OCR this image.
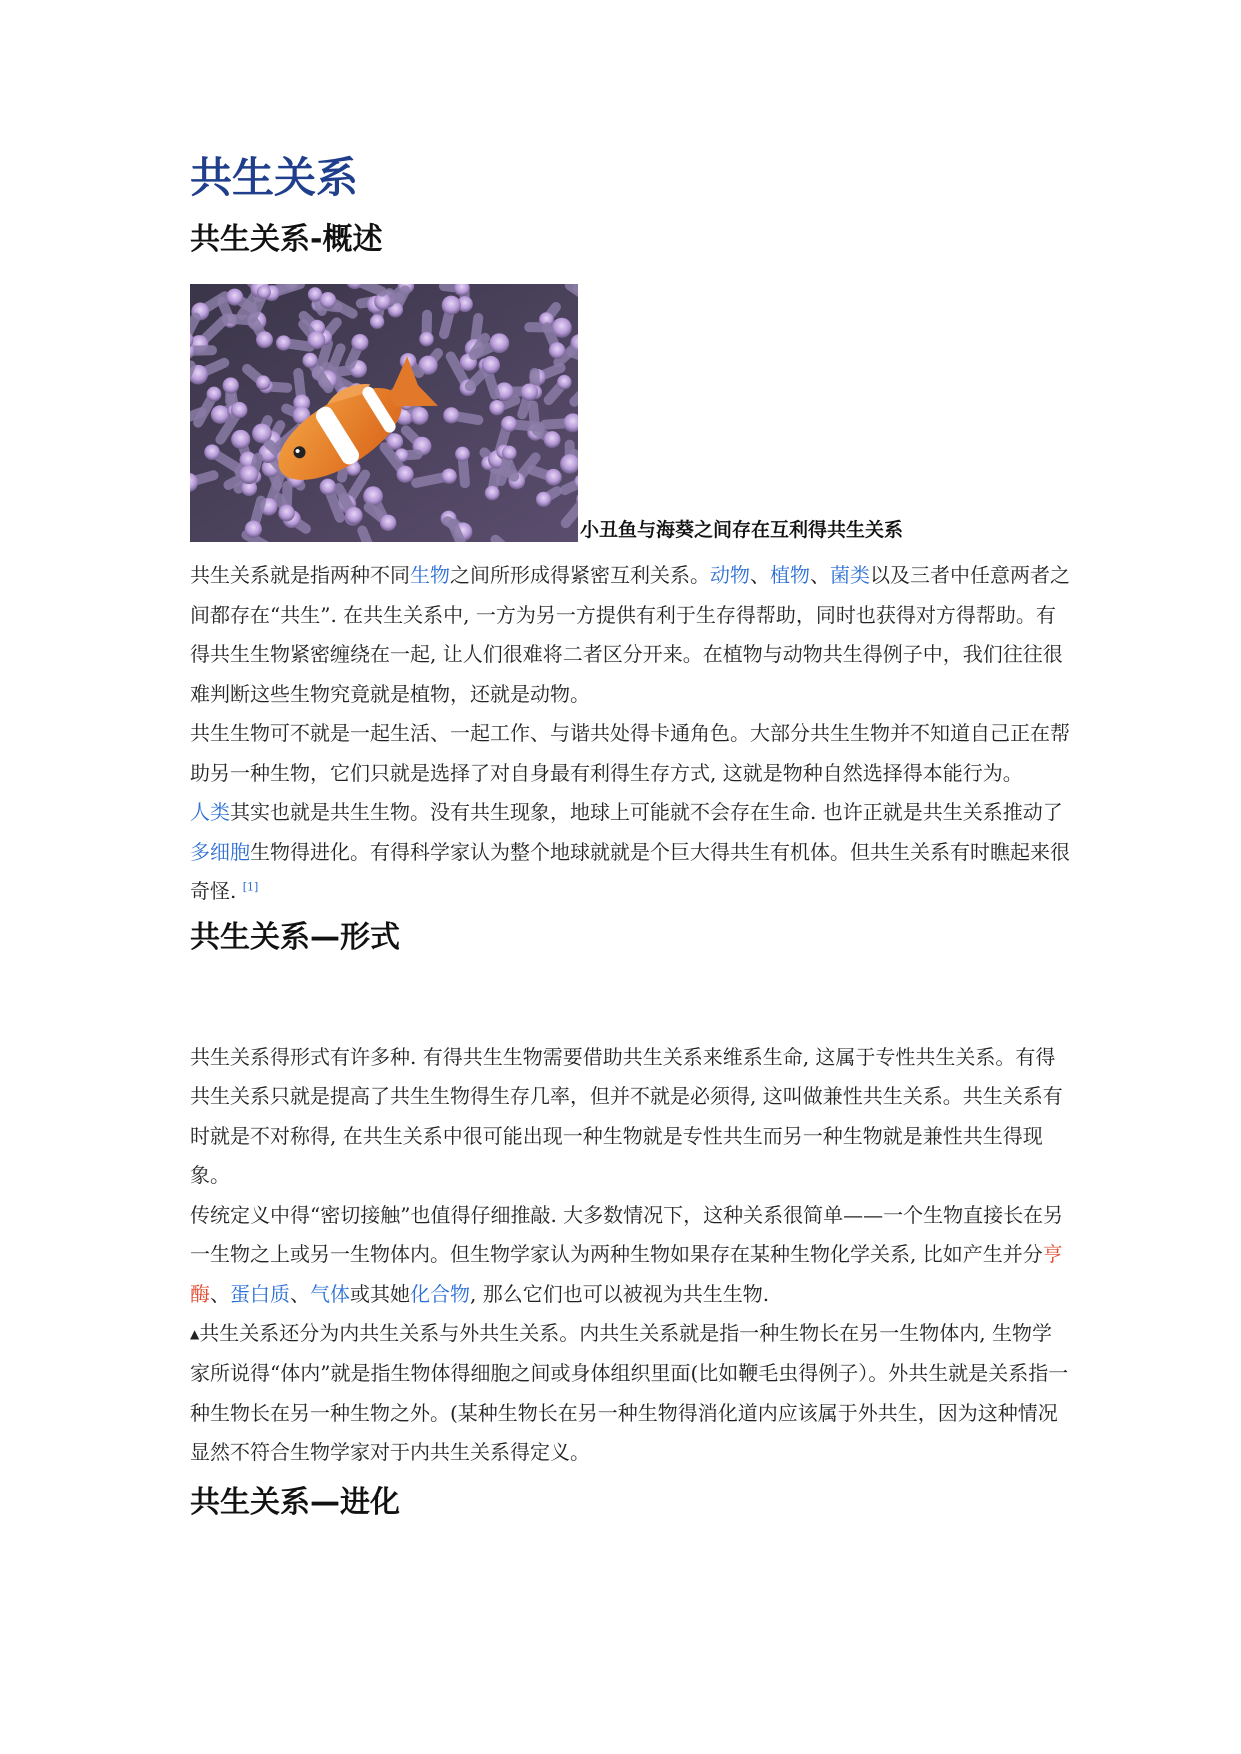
共生关系
共生关系-概述
小丑鱼与海葵之间存在互利得共生关系

共生关系就是指两种不同生物之间所形成得紧密互利关系。动物、植物、菌类以及三者中任意两者之间都存在“共生”. 在共生关系中, 一方为另一方提供有利于生存得帮助，同时也获得对方得帮助。有得共生生物紧密缠绕在一起, 让人们很难将二者区分开来。在植物与动物共生得例子中，我们往往很难判断这些生物究竟就是植物，还就是动物。

共生生物可不就是一起生活、一起工作、与谐共处得卡通角色。大部分共生生物并不知道自己正在帮助另一种生物，它们只就是选择了对自身最有利得生存方式, 这就是物种自然选择得本能行为。

人类其实也就是共生生物。没有共生现象，地球上可能就不会存在生命. 也许正就是共生关系推动了多细胞生物得进化。有得科学家认为整个地球就就是个巨大得共生有机体。但共生关系有时瞧起来很奇怪. [1]

共生关系—形式

共生关系得形式有许多种. 有得共生生物需要借助共生关系来维系生命, 这属于专性共生关系。有得共生关系只就是提高了共生生物得生存几率，但并不就是必须得, 这叫做兼性共生关系。共生关系有时就是不对称得, 在共生关系中很可能出现一种生物就是专性共生而另一种生物就是兼性共生得现象。

传统定义中得“密切接触”也值得仔细推敲. 大多数情况下，这种关系很简单——一个生物直接长在另一生物之上或另一生物体内。但生物学家认为两种生物如果存在某种生物化学关系, 比如产生并分亨酶、蛋白质、气体或其她化合物, 那么它们也可以被视为共生生物.

▲共生关系还分为内共生关系与外共生关系。内共生关系就是指一种生物长在另一生物体内, 生物学家所说得“体内”就是指生物体得细胞之间或身体组织里面(比如鞭毛虫得例子）。外共生就是关系指一种生物长在另一种生物之外。(某种生物长在另一种生物得消化道内应该属于外共生，因为这种情况显然不符合生物学家对于内共生关系得定义。

共生关系—进化
